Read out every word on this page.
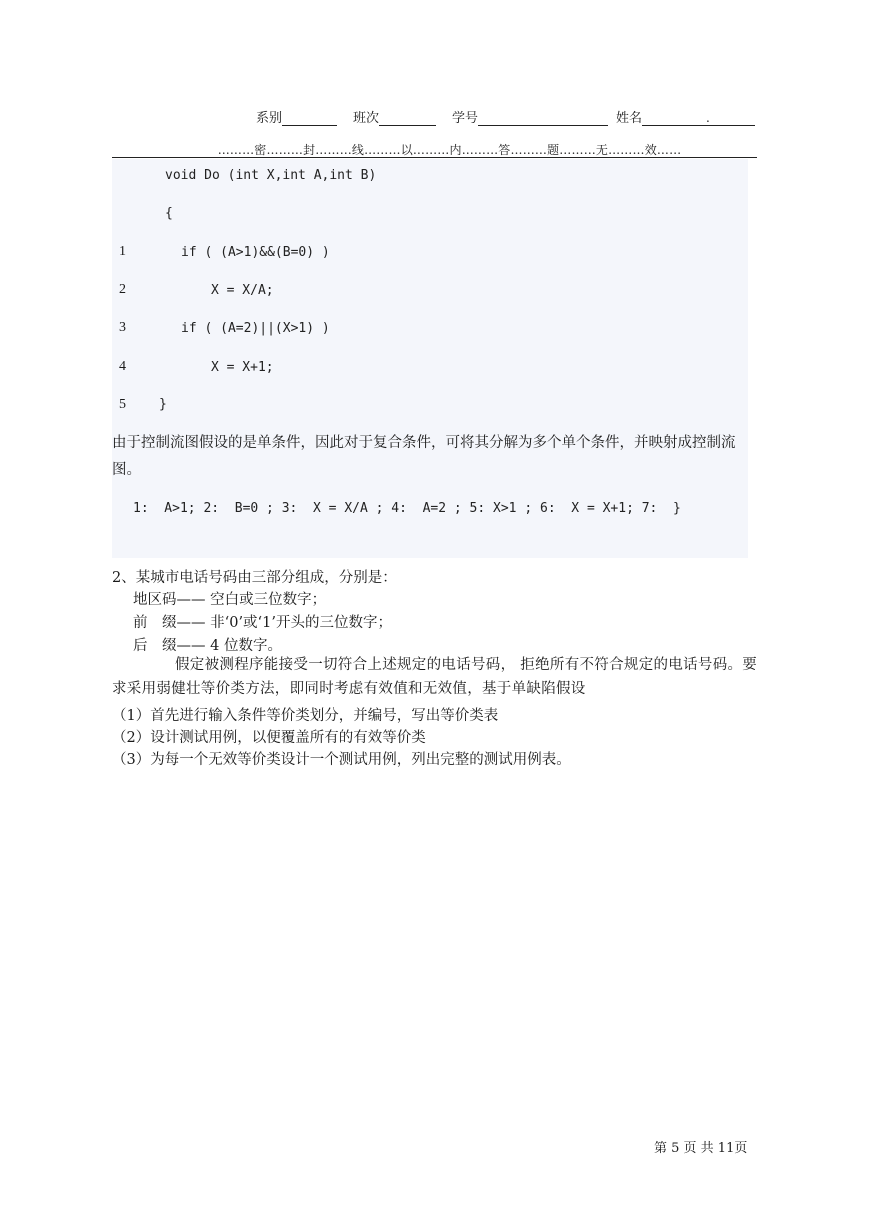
系别	班次	学号	姓名	.
………密………封………线………以………内………答………题………无………效……
void Do (int X,int A,int B)
{
1	if ( (A>1)&&(B=0) )
2	X = X/A;
3	if ( (A=2)||(X>1) )
4	X = X+1;
5	}
由于控制流图假设的是单条件，因此对于复合条件，可将其分解为多个单个条件，并映射成控制流图。
1:  A>1; 2:  B=0 ; 3:  X = X/A ; 4:  A=2 ; 5: X>1 ; 6:  X = X+1; 7:  }
2、某城市电话号码由三部分组成，分别是：
地区码—— 空白或三位数字；
前　缀—— 非‘0’或‘1’开头的三位数字；
后　缀—— 4 位数字。
假定被测程序能接受一切符合上述规定的电话号码， 拒绝所有不符合规定的电话号码。要求采用弱健壮等价类方法，即同时考虑有效值和无效值，基于单缺陷假设
（1）首先进行输入条件等价类划分，并编号，写出等价类表
（2）设计测试用例，以便覆盖所有的有效等价类
（3）为每一个无效等价类设计一个测试用例，列出完整的测试用例表。
第 5 页 共 11页
